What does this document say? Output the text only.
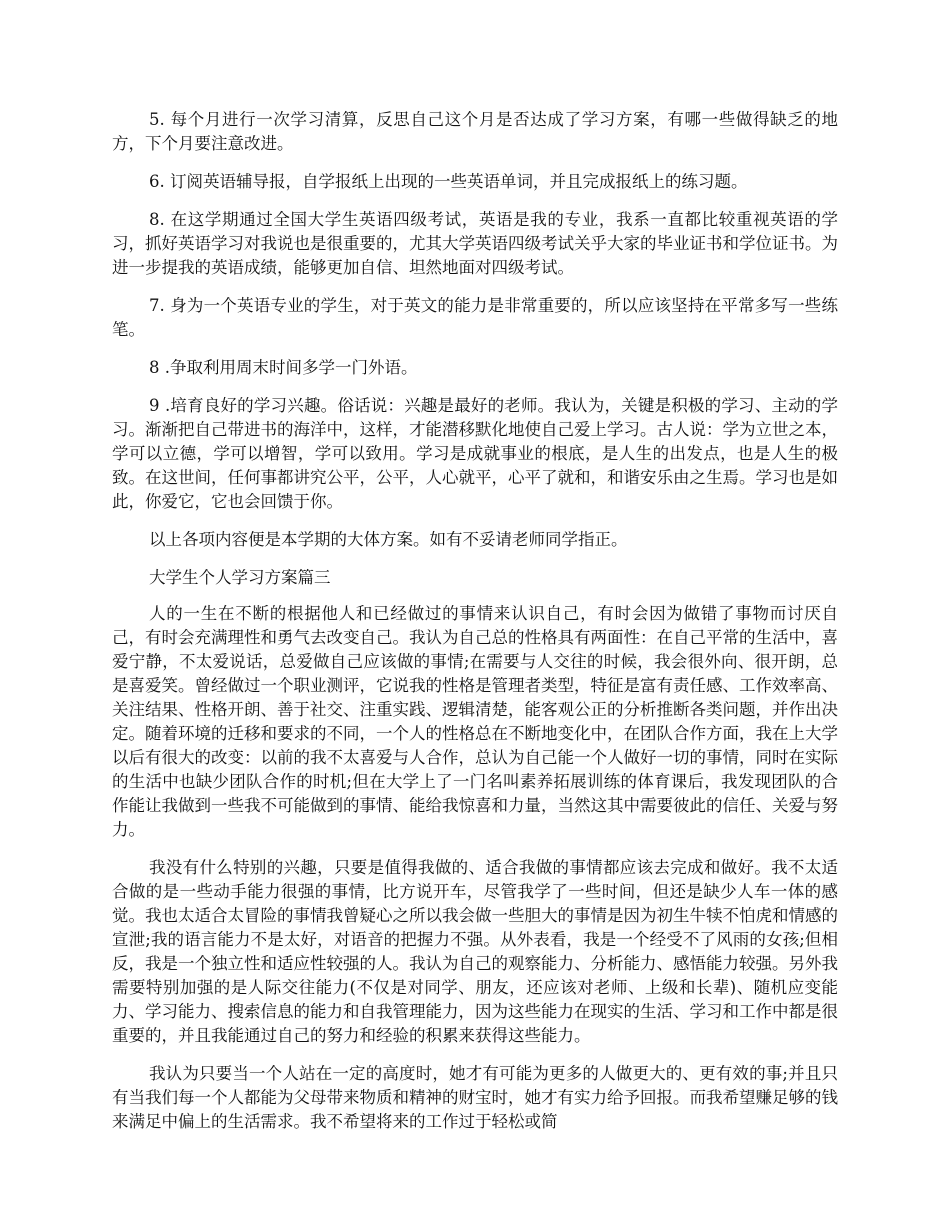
5. 每个月进行一次学习清算，反思自己这个月是否达成了学习方案，有哪一些做得缺乏的地方，下个月要注意改进。

6. 订阅英语辅导报，自学报纸上出现的一些英语单词，并且完成报纸上的练习题。

8. 在这学期通过全国大学生英语四级考试，英语是我的专业，我系一直都比较重视英语的学习，抓好英语学习对我说也是很重要的，尤其大学英语四级考试关乎大家的毕业证书和学位证书。为进一步提我的英语成绩，能够更加自信、坦然地面对四级考试。

7. 身为一个英语专业的学生，对于英文的能力是非常重要的，所以应该坚持在平常多写一些练笔。

8 .争取利用周末时间多学一门外语。

9 .培育良好的学习兴趣。俗话说：兴趣是最好的老师。我认为，关键是积极的学习、主动的学习。渐渐把自己带进书的海洋中，这样，才能潜移默化地使自己爱上学习。古人说：学为立世之本，学可以立德，学可以增智，学可以致用。学习是成就事业的根底，是人生的出发点，也是人生的极致。在这世间，任何事都讲究公平，公平，人心就平，心平了就和，和谐安乐由之生焉。学习也是如此，你爱它，它也会回馈于你。

以上各项内容便是本学期的大体方案。如有不妥请老师同学指正。

大学生个人学习方案篇三

人的一生在不断的根据他人和已经做过的事情来认识自己，有时会因为做错了事物而讨厌自己，有时会充满理性和勇气去改变自己。我认为自己总的性格具有两面性：在自己平常的生活中，喜爱宁静，不太爱说话，总爱做自己应该做的事情;在需要与人交往的时候，我会很外向、很开朗，总是喜爱笑。曾经做过一个职业测评，它说我的性格是管理者类型，特征是富有责任感、工作效率高、关注结果、性格开朗、善于社交、注重实践、逻辑清楚，能客观公正的分析推断各类问题，并作出决定。随着环境的迁移和要求的不同，一个人的性格总在不断地变化中，在团队合作方面，我在上大学以后有很大的改变：以前的我不太喜爱与人合作，总认为自己能一个人做好一切的事情，同时在实际的生活中也缺少团队合作的时机;但在大学上了一门名叫素养拓展训练的体育课后，我发现团队的合作能让我做到一些我不可能做到的事情、能给我惊喜和力量，当然这其中需要彼此的信任、关爱与努力。

我没有什么特别的兴趣，只要是值得我做的、适合我做的事情都应该去完成和做好。我不太适合做的是一些动手能力很强的事情，比方说开车，尽管我学了一些时间，但还是缺少人车一体的感觉。我也太适合太冒险的事情我曾疑心之所以我会做一些胆大的事情是因为初生牛犊不怕虎和情感的宣泄;我的语言能力不是太好，对语音的把握力不强。从外表看，我是一个经受不了风雨的女孩;但相反，我是一个独立性和适应性较强的人。我认为自己的观察能力、分析能力、感悟能力较强。另外我需要特别加强的是人际交往能力(不仅是对同学、朋友，还应该对老师、上级和长辈)、随机应变能力、学习能力、搜索信息的能力和自我管理能力，因为这些能力在现实的生活、学习和工作中都是很重要的，并且我能通过自己的努力和经验的积累来获得这些能力。

我认为只要当一个人站在一定的高度时，她才有可能为更多的人做更大的、更有效的事;并且只有当我们每一个人都能为父母带来物质和精神的财宝时，她才有实力给予回报。而我希望赚足够的钱来满足中偏上的生活需求。我不希望将来的工作过于轻松或简
